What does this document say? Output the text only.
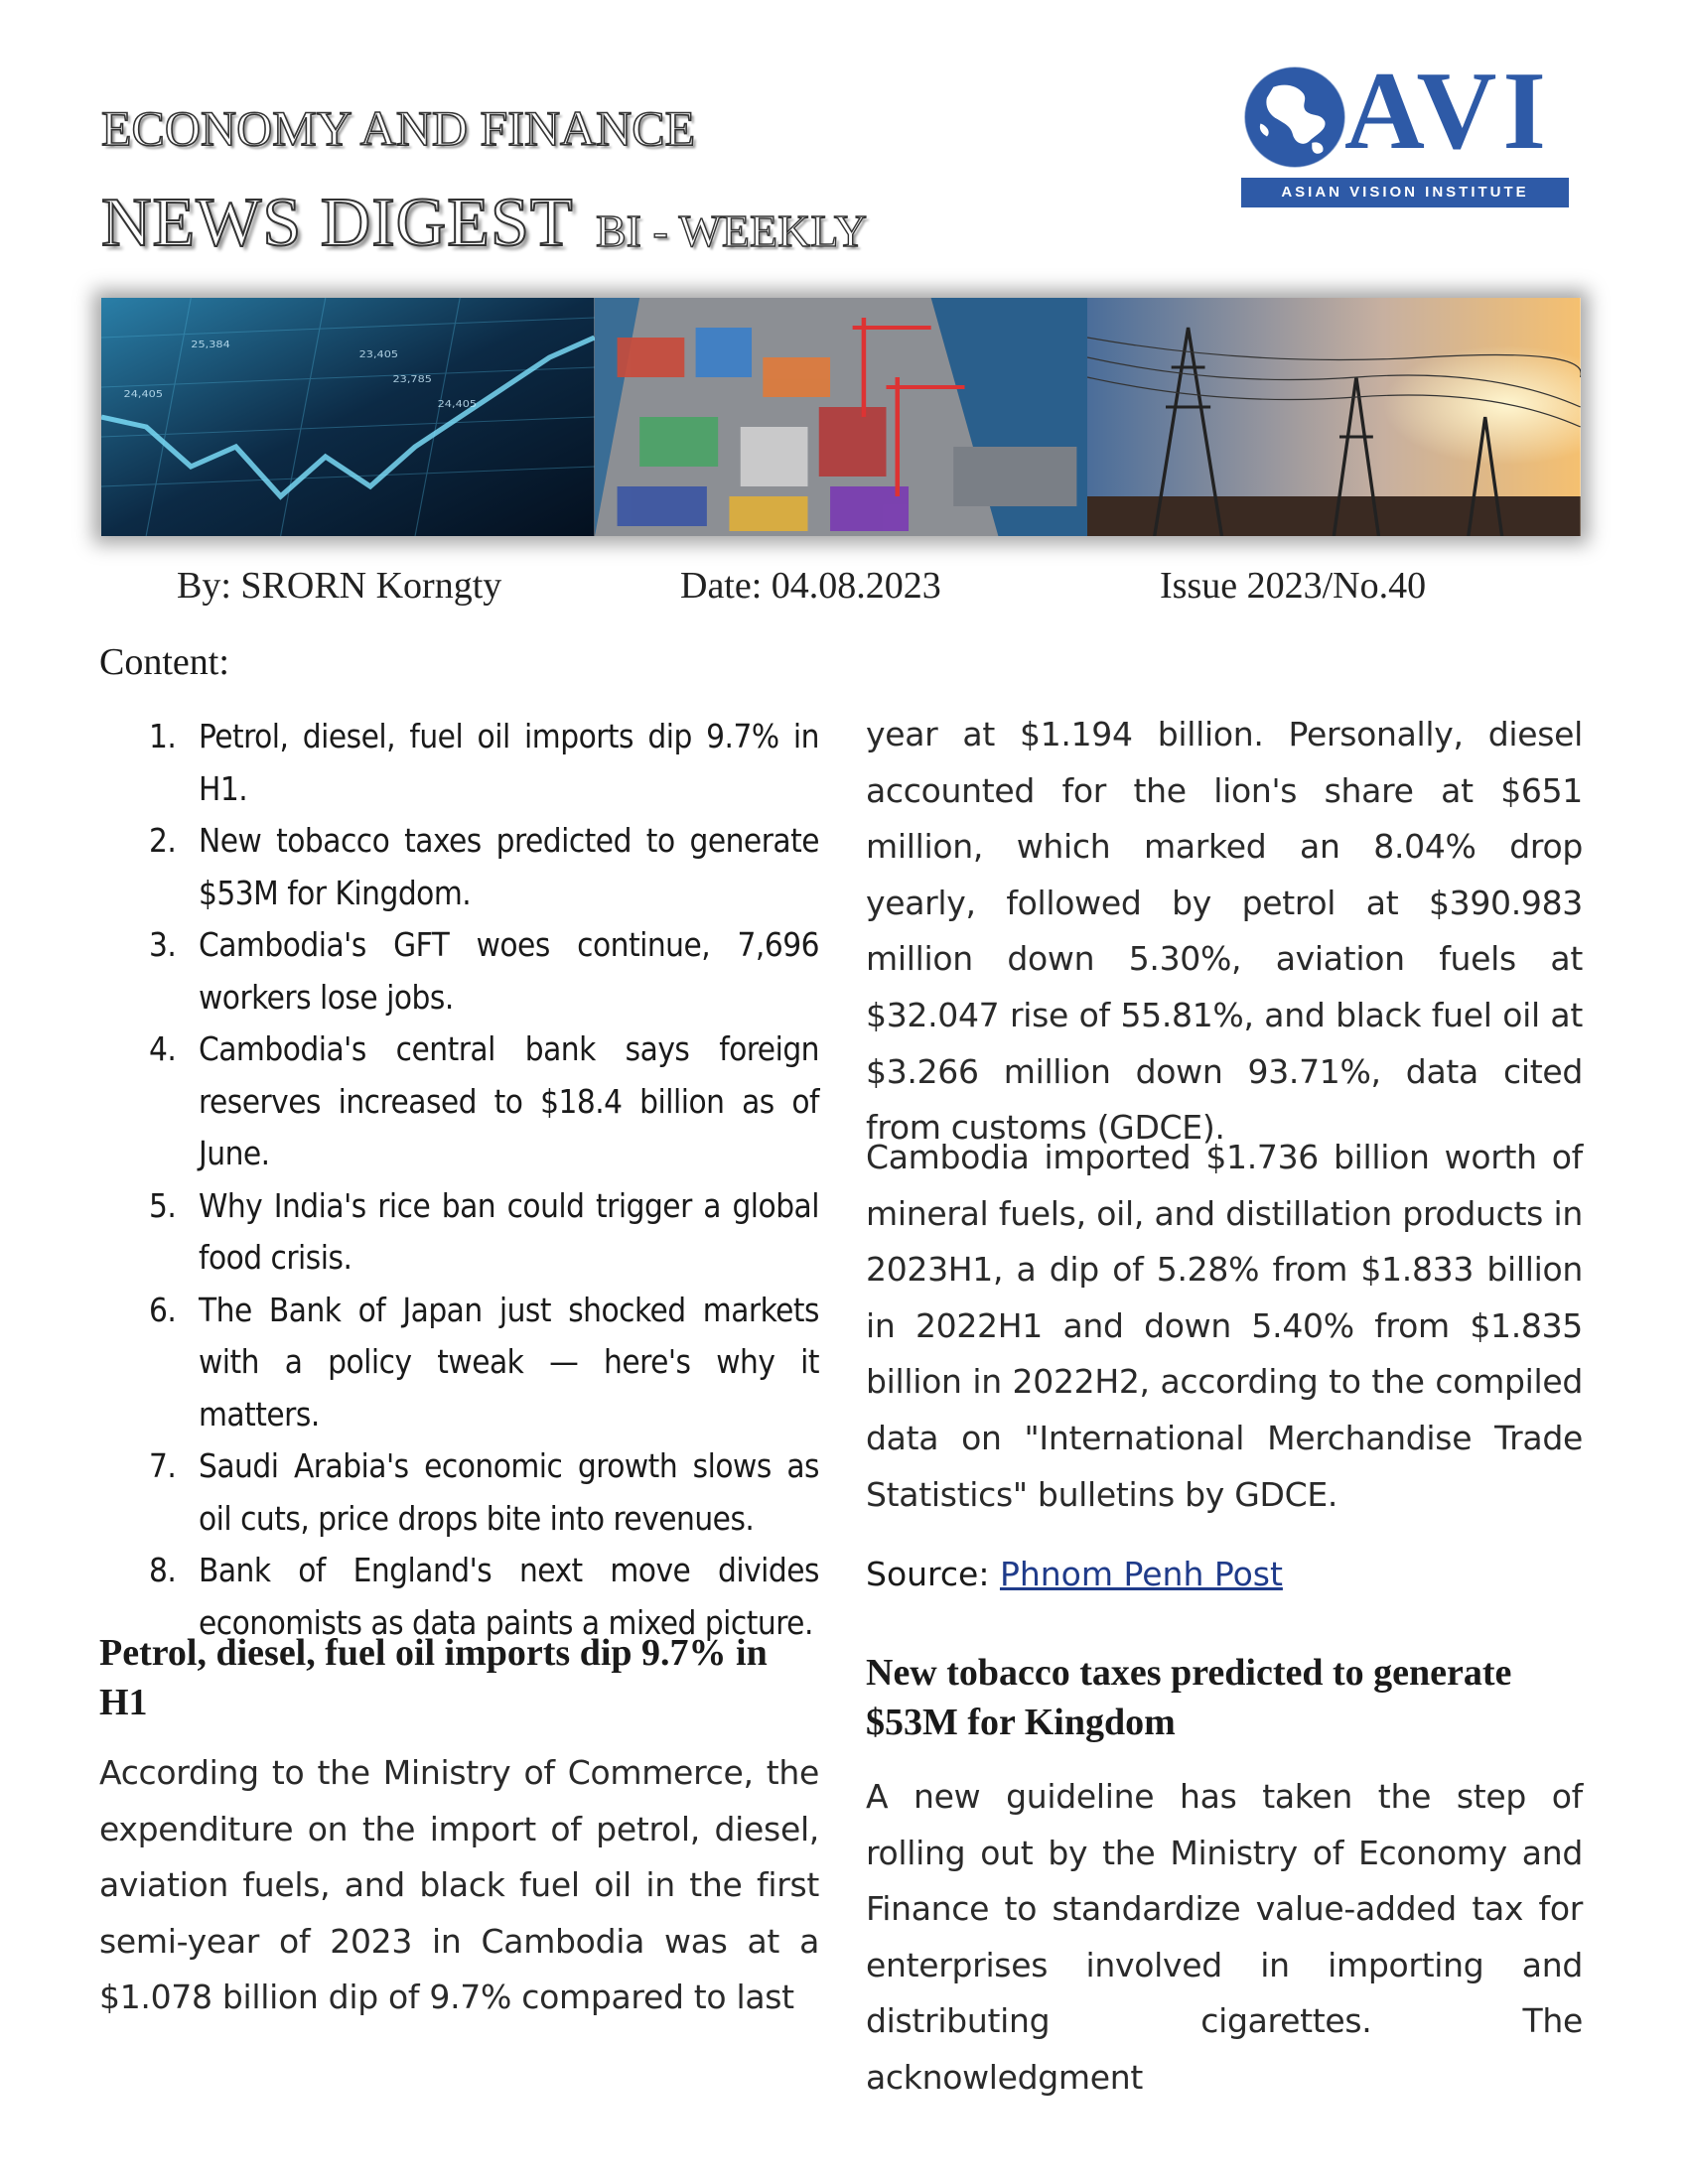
ECONOMY AND FINANCE
NEWS DIGEST BI - WEEKLY
AVI
ASIAN VISION INSTITUTE
23,405
23,785
25,384
24,405
24,405
By: SRORN Korngty	Date: 04.08.2023	Issue 2023/No.40
Content:
1. Petrol, diesel, fuel oil imports dip 9.7% in H1.
2. New tobacco taxes predicted to generate $53M for Kingdom.
3. Cambodia's GFT woes continue, 7,696 workers lose jobs.
4. Cambodia's central bank says foreign reserves increased to $18.4 billion as of June.
5. Why India's rice ban could trigger a global food crisis.
6. The Bank of Japan just shocked markets with a policy tweak — here's why it matters.
7. Saudi Arabia's economic growth slows as oil cuts, price drops bite into revenues.
8. Bank of England's next move divides economists as data paints a mixed picture.
Petrol, diesel, fuel oil imports dip 9.7% in H1

According to the Ministry of Commerce, the expenditure on the import of petrol, diesel, aviation fuels, and black fuel oil in the first semi-year of 2023 in Cambodia was at a $1.078 billion dip of 9.7% compared to last

year at $1.194 billion. Personally, diesel accounted for the lion's share at $651 million, which marked an 8.04% drop yearly, followed by petrol at $390.983 million down 5.30%, aviation fuels at $32.047 rise of 55.81%, and black fuel oil at $3.266 million down 93.71%, data cited from customs (GDCE).

Cambodia imported $1.736 billion worth of mineral fuels, oil, and distillation products in 2023H1, a dip of 5.28% from $1.833 billion in 2022H1 and down 5.40% from $1.835 billion in 2022H2, according to the compiled data on "International Merchandise Trade Statistics" bulletins by GDCE.

Source: Phnom Penh Post
New tobacco taxes predicted to generate $53M for Kingdom

A new guideline has taken the step of rolling out by the Ministry of Economy and Finance to standardize value-added tax for enterprises involved in importing and distributing cigarettes. The acknowledgment
